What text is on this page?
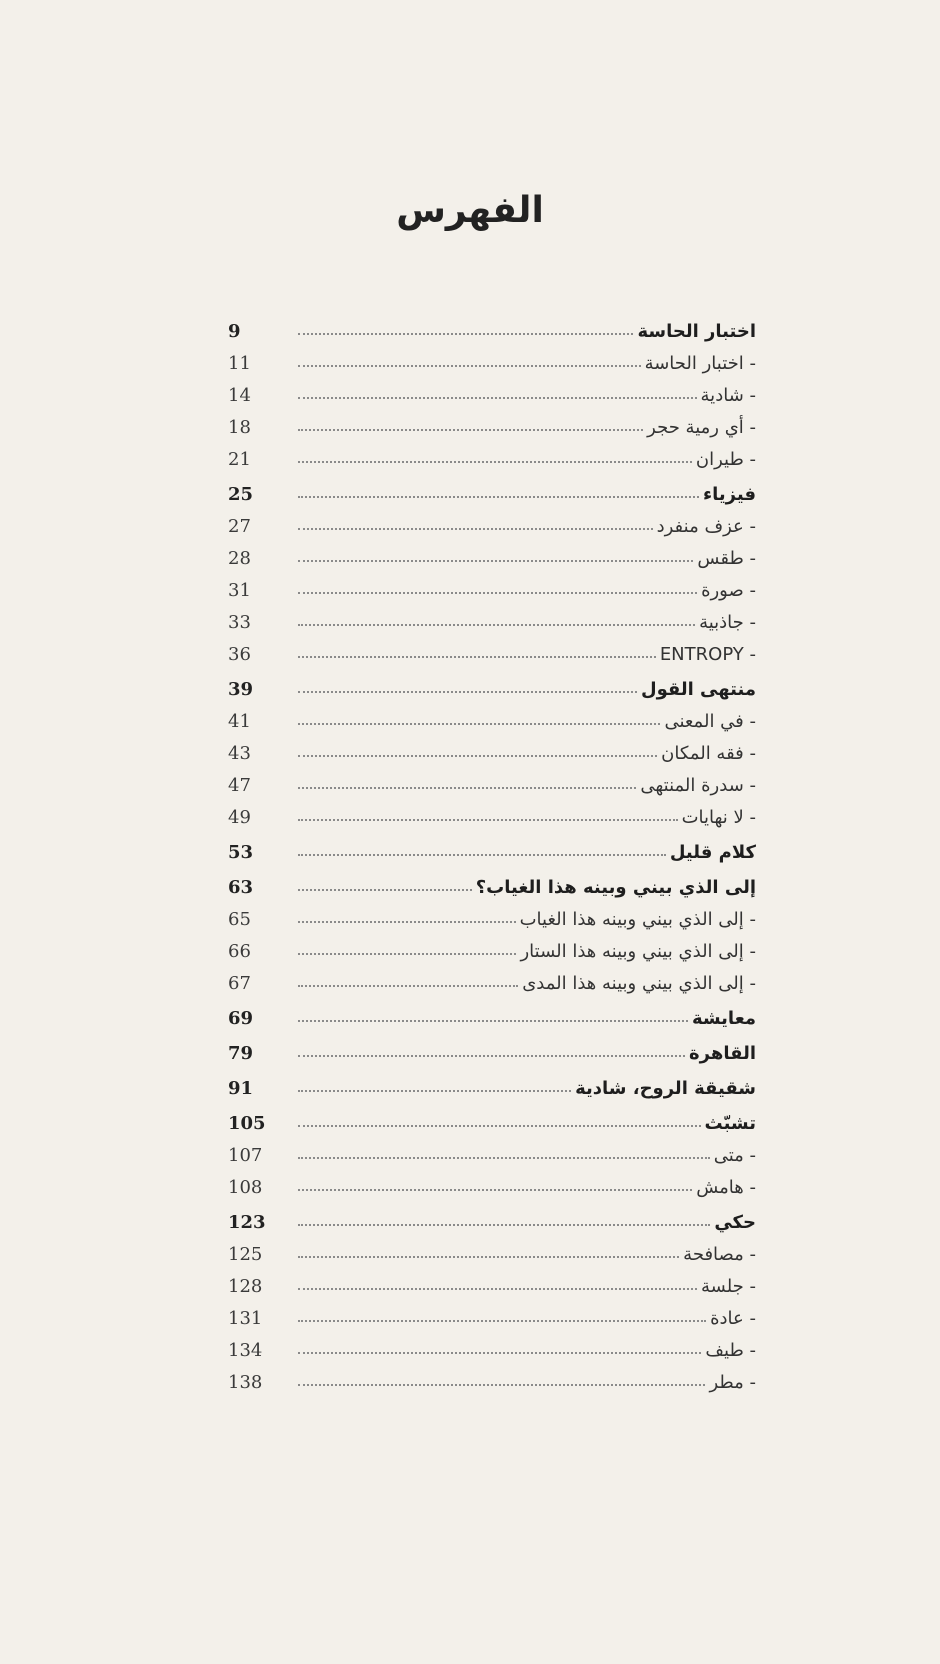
الفهرس
9	اختبار الحاسة
11	- اختبار الحاسة
14	- شادية
18	- أي رمية حجر
21	- طيران
25	فيزياء
27	- عزف منفرد
28	- طقس
31	- صورة
33	- جاذبية
36	- ENTROPY
39	منتهى القول
41	- في المعنى
43	- فقه المكان
47	- سدرة المنتهى
49	- لا نهايات
53	كلام قليل
63	إلى الذي بيني وبينه هذا الغياب؟
65	- إلى الذي بيني وبينه هذا الغياب
66	- إلى الذي بيني وبينه هذا الستار
67	- إلى الذي بيني وبينه هذا المدى
69	معايشة
79	القاهرة
91	شقيقة الروح، شادية
105	تشبّث
107	- متى
108	- هامش
123	حكي
125	- مصافحة
128	- جلسة
131	- عادة
134	- طيف
138	- مطر
